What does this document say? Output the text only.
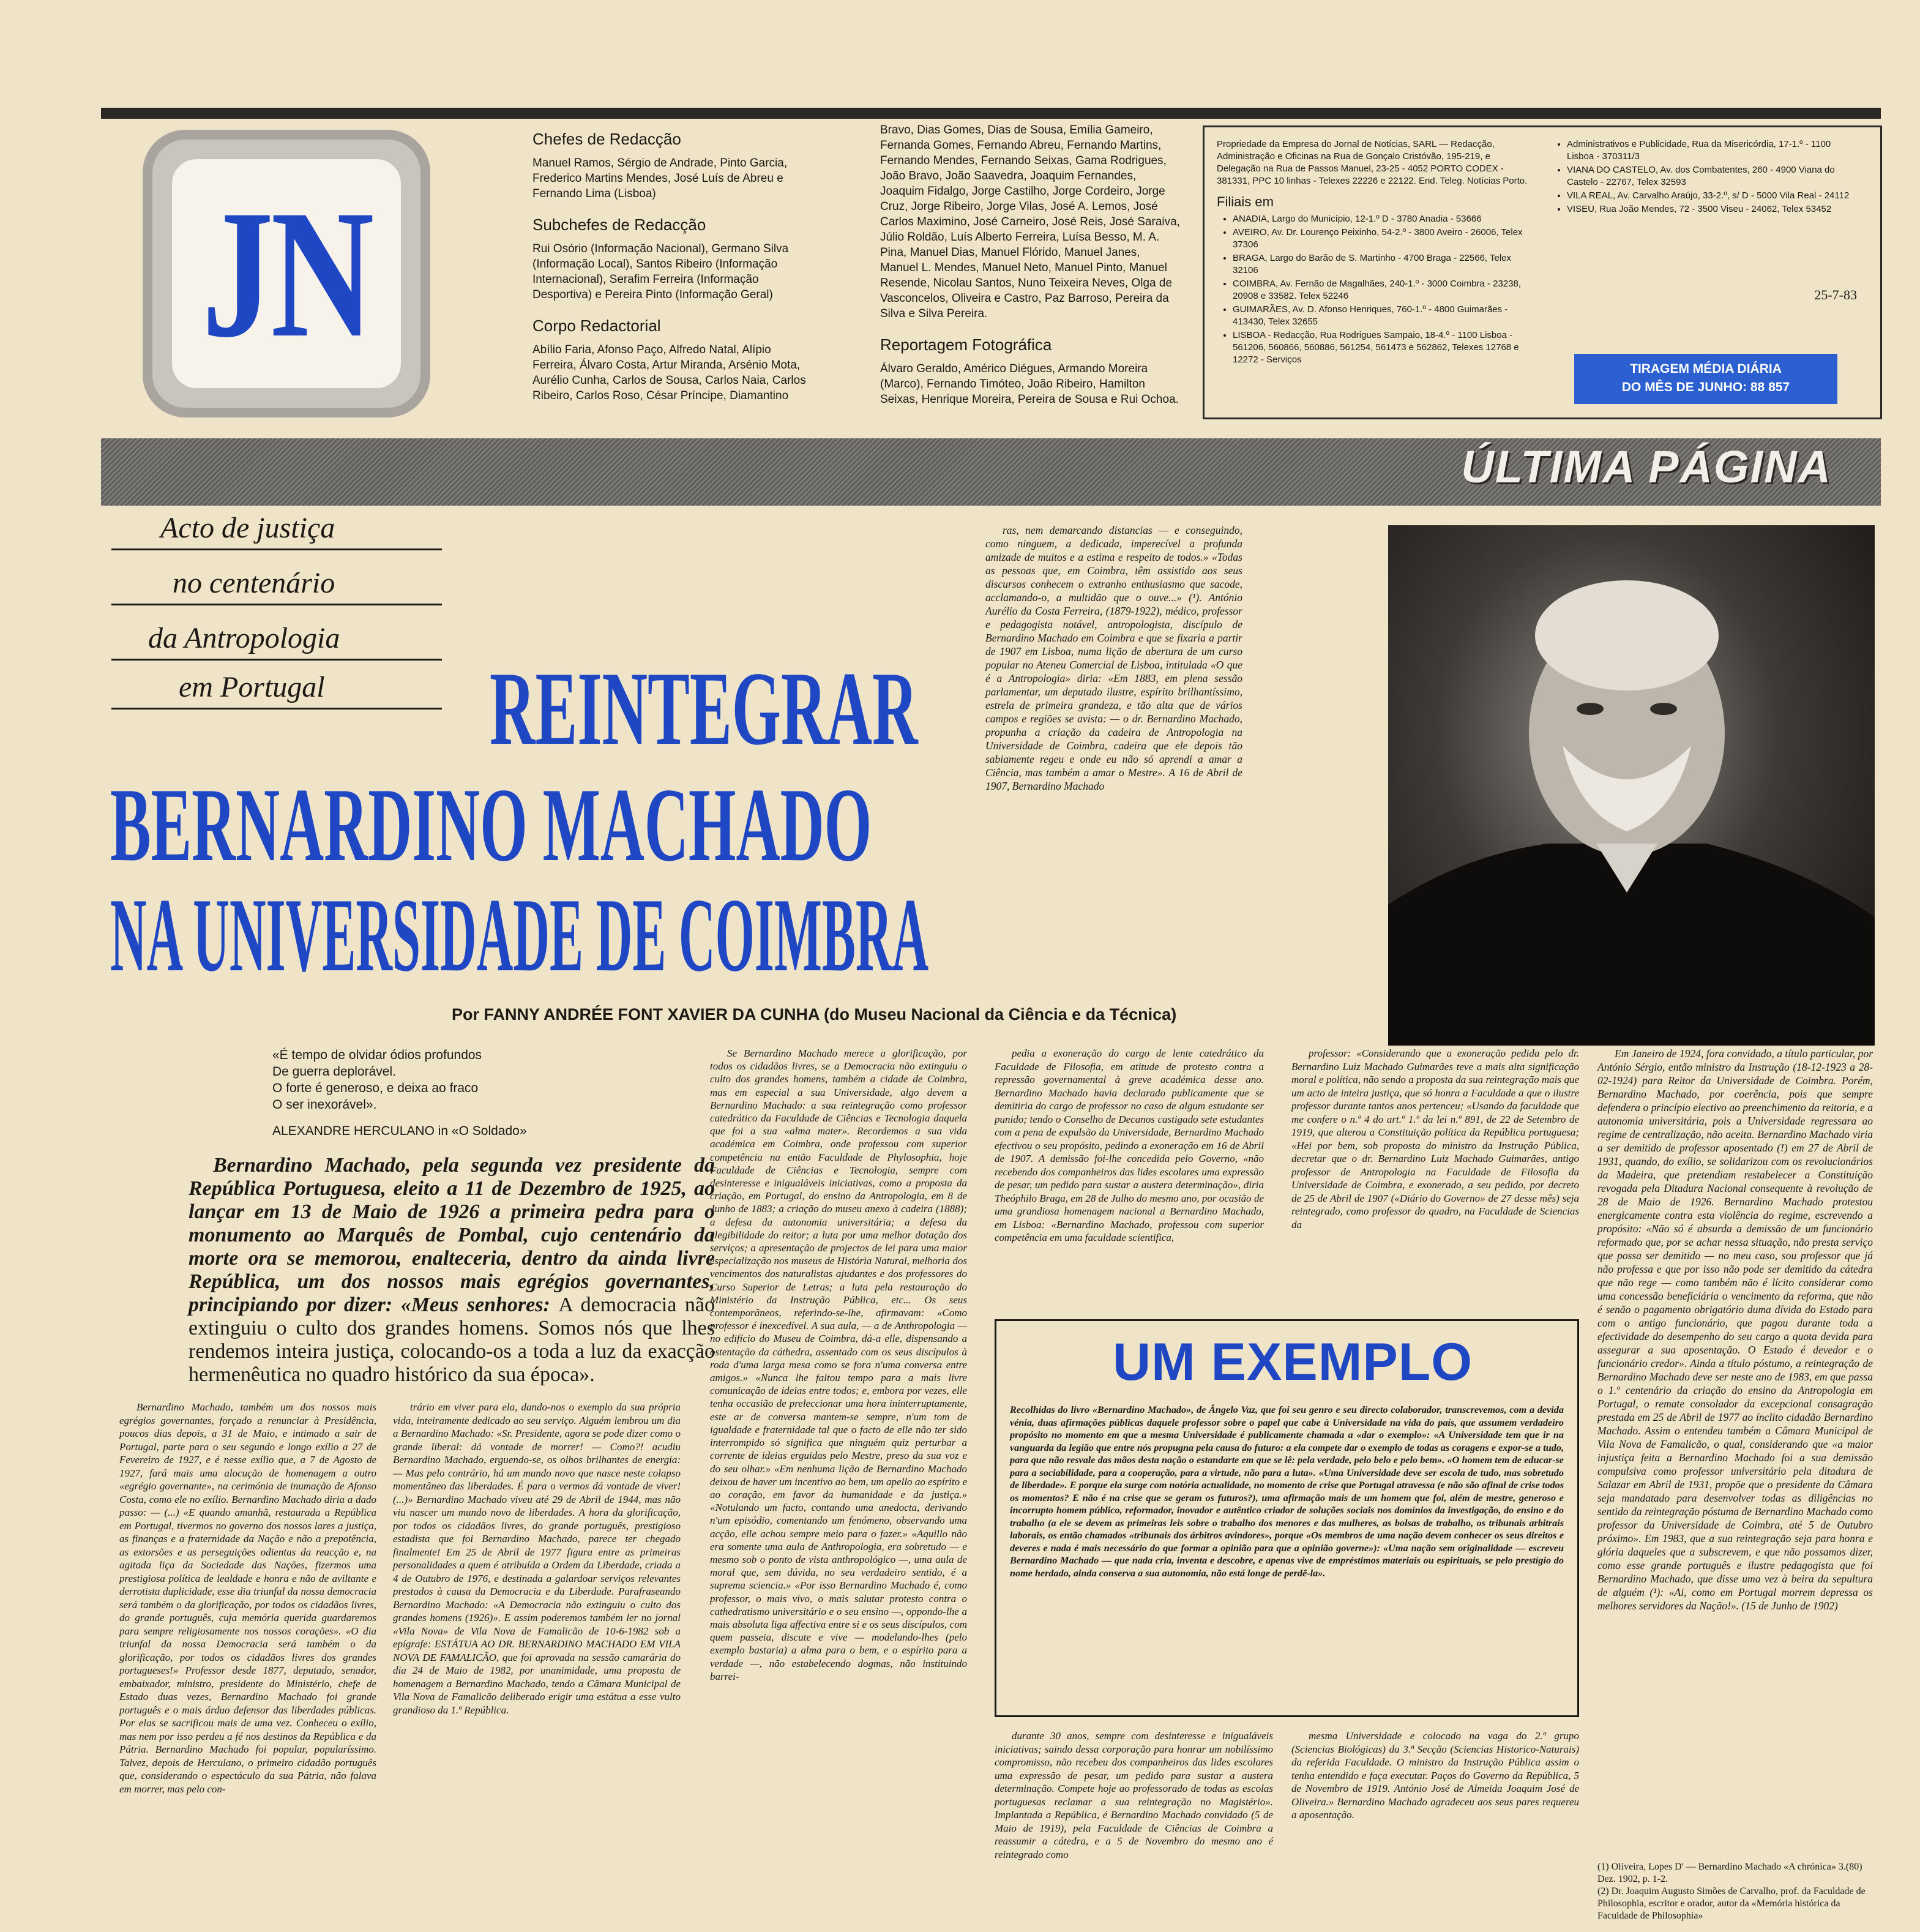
JN
Chefes de Redacção

Manuel Ramos, Sérgio de Andrade, Pinto Garcia, Frederico Martins Mendes, José Luís de Abreu e Fernando Lima (Lisboa)

Subchefes de Redacção

Rui Osório (Informação Nacional), Germano Silva (Informação Local), Santos Ribeiro (Informação Internacional), Serafim Ferreira (Informação Desportiva) e Pereira Pinto (Informação Geral)

Corpo Redactorial

Abílio Faria, Afonso Paço, Alfredo Natal, Alípio Ferreira, Álvaro Costa, Artur Miranda, Arsénio Mota, Aurélio Cunha, Carlos de Sousa, Carlos Naia, Carlos Ribeiro, Carlos Roso, César Príncipe, Diamantino

Bravo, Dias Gomes, Dias de Sousa, Emília Gameiro, Fernanda Gomes, Fernando Abreu, Fernando Martins, Fernando Mendes, Fernando Seixas, Gama Rodrigues, João Bravo, João Saavedra, Joaquim Fernandes, Joaquim Fidalgo, Jorge Castilho, Jorge Cordeiro, Jorge Cruz, Jorge Ribeiro, Jorge Vilas, José A. Lemos, José Carlos Maximino, José Carneiro, José Reis, José Saraiva, Júlio Roldão, Luís Alberto Ferreira, Luísa Besso, M. A. Pina, Manuel Dias, Manuel Flórido, Manuel Janes, Manuel L. Mendes, Manuel Neto, Manuel Pinto, Manuel Resende, Nicolau Santos, Nuno Teixeira Neves, Olga de Vasconcelos, Oliveira e Castro, Paz Barroso, Pereira da Silva e Silva Pereira.

Reportagem Fotográfica

Álvaro Geraldo, Américo Diégues, Armando Moreira (Marco), Fernando Timóteo, João Ribeiro, Hamilton Seixas, Henrique Moreira, Pereira de Sousa e Rui Ochoa.

Propriedade da Empresa do Jornal de Notícias, SARL — Redacção, Administração e Oficinas na Rua de Gonçalo Cristóvão, 195-219, e Delegação na Rua de Passos Manuel, 23-25 - 4052 PORTO CODEX - 381331, PPC 10 linhas - Telexes 22226 e 22122. End. Teleg. Notícias Porto.
Filiais em
• ANADIA, Largo do Município, 12-1.º D - 3780 Anadia - 53666
• AVEIRO, Av. Dr. Lourenço Peixinho, 54-2.º - 3800 Aveiro - 26006, Telex 37306
• BRAGA, Largo do Barão de S. Martinho - 4700 Braga - 22566, Telex 32106
• COIMBRA, Av. Fernão de Magalhães, 240-1.º - 3000 Coimbra - 23238, 20908 e 33582. Telex 52246
• GUIMARÃES, Av. D. Afonso Henriques, 760-1.º - 4800 Guimarães - 413430, Telex 32655
• LISBOA - Redacção, Rua Rodrigues Sampaio, 18-4.º - 1100 Lisboa - 561206, 560866, 560886, 561254, 561473 e 562862, Telexes 12768 e 12272 - Serviços
• Administrativos e Publicidade, Rua da Misericórdia, 17-1.º - 1100 Lisboa - 370311/3
• VIANA DO CASTELO, Av. dos Combatentes, 260 - 4900 Viana do Castelo - 22767, Telex 32593
• VILA REAL, Av. Carvalho Araújo, 33-2.º, s/ D - 5000 Vila Real - 24112
• VISEU, Rua João Mendes, 72 - 3500 Viseu - 24062, Telex 53452
25-7-83
TIRAGEM MÉDIA DIÁRIA
DO MÊS DE JUNHO: 88 857
ÚLTIMA PÁGINA
Acto de justiça
no centenário
da Antropologia
em Portugal	REINTEGRAR
BERNARDINO MACHADO
NA UNIVERSIDADE DE COIMBRA

ras, nem demarcando distancias — e conseguindo, como ninguem, a dedicada, imperecível a profunda amizade de muitos e a estima e respeito de todos.» «Todas as pessoas que, em Coimbra, têm assistido aos seus discursos conhecem o extranho enthusiasmo que sacode, acclamando-o, a multidão que o ouve...» (¹). António Aurélio da Costa Ferreira, (1879-1922), médico, professor e pedagogista notável, antropologista, discípulo de Bernardino Machado em Coimbra e que se fixaria a partir de 1907 em Lisboa, numa lição de abertura de um curso popular no Ateneu Comercial de Lisboa, intitulada «O que é a Antropologia» diria: «Em 1883, em plena sessão parlamentar, um deputado ilustre, espírito brilhantíssimo, estrela de primeira grandeza, e tão alta que de vários campos e regiões se avista: — o dr. Bernardino Machado, propunha a criação da cadeira de Antropologia na Universidade de Coimbra, cadeira que ele depois tão sabiamente regeu e onde eu não só aprendi a amar a Ciência, mas também a amar o Mestre». A 16 de Abril de 1907, Bernardino Machado

Por FANNY ANDRÉE FONT XAVIER DA CUNHA (do Museu Nacional da Ciência e da Técnica)
«É tempo de olvidar ódios profundos
De guerra deplorável.
O forte é generoso, e deixa ao fraco
O ser inexorável».
ALEXANDRE HERCULANO in «O Soldado»
Bernardino Machado, pela segunda vez presidente da República Portuguesa, eleito a 11 de Dezembro de 1925, ao lançar em 13 de Maio de 1926 a primeira pedra para o monumento ao Marquês de Pombal, cujo centenário da morte ora se memorou, enalteceria, dentro da ainda livre República, um dos nossos mais egrégios governantes, principiando por dizer: «Meus senhores: A democracia não extinguiu o culto dos grandes homens. Somos nós que lhes rendemos inteira justiça, colocando-os a toda a luz da exacção hermenêutica no quadro histórico da sua época».

Bernardino Machado, também um dos nossos mais egrégios governantes, forçado a renunciar à Presidência, poucos dias depois, a 31 de Maio, e intimado a sair de Portugal, parte para o seu segundo e longo exílio a 27 de Fevereiro de 1927, e é nesse exílio que, a 7 de Agosto de 1927, fará mais uma alocução de homenagem a outro «egrégio governante», na cerimónia de inumação de Afonso Costa, como ele no exílio. Bernardino Machado diria a dado passo: — (...) «E quando amanhã, restaurada a República em Portugal, tivermos no governo dos nossos lares a justiça, as finanças e a fraternidade da Nação e não a prepotência, as extorsões e as perseguições odientas da reacção e, na agitada liça da Sociedade das Nações, fizermos uma prestigiosa política de lealdade e honra e não de aviltante e derrotista duplicidade, esse dia triunfal da nossa democracia será também o da glorificação, por todos os cidadãos livres, do grande português, cuja memória querida guardaremos para sempre religiosamente nos nossos corações». «O dia triunfal da nossa Democracia será também o da glorificação, por todos os cidadãos livres dos grandes portugueses!» Professor desde 1877, deputado, senador, embaixador, ministro, presidente do Ministério, chefe de Estado duas vezes, Bernardino Machado foi grande português e o mais árduo defensor das liberdades públicas. Por elas se sacrificou mais de uma vez. Conheceu o exílio, mas nem por isso perdeu a fé nos destinos da República e da Pátria. Bernardino Machado foi popular, popularíssimo. Talvez, depois de Herculano, o primeiro cidadão português que, considerando o espectáculo da sua Pátria, não falava em morrer, mas pelo con-

trário em viver para ela, dando-nos o exemplo da sua própria vida, inteiramente dedicado ao seu serviço. Alguém lembrou um dia a Bernardino Machado: «Sr. Presidente, agora se pode dizer como o grande liberal: dá vontade de morrer! — Como?! acudiu Bernardino Machado, erguendo-se, os olhos brilhantes de energia: — Mas pelo contrário, há um mundo novo que nasce neste colapso momentâneo das liberdades. É para o vermos dá vontade de viver! (...)» Bernardino Machado viveu até 29 de Abril de 1944, mas não viu nascer um mundo novo de liberdades. A hora da glorificação, por todos os cidadãos livres, do grande português, prestigioso estadista que foi Bernardino Machado, parece ter chegado finalmente! Em 25 de Abril de 1977 figura entre as primeiras personalidades a quem é atribuída a Ordem da Liberdade, criada a 4 de Outubro de 1976, e destinada a galardoar serviços relevantes prestados à causa da Democracia e da Liberdade. Parafraseando Bernardino Machado: «A Democracia não extinguiu o culto dos grandes homens (1926)». E assim poderemos também ler no jornal «Vila Nova» de Vila Nova de Famalicão de 10-6-1982 sob a epígrafe: ESTÁTUA AO DR. BERNARDINO MACHADO EM VILA NOVA DE FAMALICÃO, que foi aprovada na sessão camarária do dia 24 de Maio de 1982, por unanimidade, uma proposta de homenagem a Bernardino Machado, tendo a Câmara Municipal de Vila Nova de Famalicão deliberado erigir uma estátua a esse vulto grandioso da 1.ª República.

Se Bernardino Machado merece a glorificação, por todos os cidadãos livres, se a Democracia não extinguiu o culto dos grandes homens, também a cidade de Coimbra, mas em especial a sua Universidade, algo devem a Bernardino Machado: a sua reintegração como professor catedrático da Faculdade de Ciências e Tecnologia daquela que foi a sua «alma mater». Recordemos a sua vida académica em Coimbra, onde professou com superior competência na então Faculdade de Phylosophia, hoje Faculdade de Ciências e Tecnologia, sempre com desinteresse e inigualáveis iniciativas, como a proposta da criação, em Portugal, do ensino da Antropologia, em 8 de Junho de 1883; a criação do museu anexo à cadeira (1888); a defesa da autonomia universitária; a defesa da elegibilidade do reitor; a luta por uma melhor dotação dos serviços; a apresentação de projectos de lei para uma maior especialização nos museus de História Natural, melhoria dos vencimentos dos naturalistas ajudantes e dos professores do Curso Superior de Letras; a luta pela restauração do Ministério da Instrução Pública, etc... Os seus contemporâneos, referindo-se-lhe, afirmavam: «Como professor é inexcedível. A sua aula, — a de Anthropologia — no edifício do Museu de Coimbra, dá-a elle, dispensando a ostentação da cáthedra, assentado com os seus discípulos à roda d'uma larga mesa como se fora n'uma conversa entre amigos.» «Nunca lhe faltou tempo para a mais livre comunicação de ideias entre todos; e, embora por vezes, elle tenha occasião de preleccionar uma hora ininterruptamente, este ar de conversa mantem-se sempre, n'um tom de igualdade e fraternidade tal que o facto de elle não ter sido interrompido só significa que ninguém quiz perturbar a corrente de ideias erguidas pelo Mestre, preso da sua voz e do seu olhar.» «Em nenhuma lição de Bernardino Machado deixou de haver um incentivo ao bem, um apello ao espírito e ao coração, em favor da humanidade e da justiça.» «Notulando um facto, contando uma anedocta, derivando n'um episódio, comentando um fenómeno, observando uma acção, elle achou sempre meio para o fazer.» «Aquillo não era somente uma aula de Anthropologia, era sobretudo — e mesmo sob o ponto de vista anthropológico —, uma aula de moral que, sem dúvida, no seu verdadeiro sentido, é a suprema sciencia.» «Por isso Bernardino Machado é, como professor, o mais vivo, o mais salutar protesto contra o cathedratismo universitário e o seu ensino —, oppondo-lhe a mais absoluta liga affectiva entre si e os seus discípulos, com quem passeia, discute e vive — modelando-lhes (pelo exemplo bastaria) a alma para o bem, e o espírito para a verdade —, não estabelecendo dogmas, não instituindo barrei-

pedia a exoneração do cargo de lente catedrático da Faculdade de Filosofia, em atitude de protesto contra a repressão governamental à greve académica desse ano. Bernardino Machado havia declarado publicamente que se demitiria do cargo de professor no caso de algum estudante ser punido; tendo o Conselho de Decanos castigado sete estudantes com a pena de expulsão da Universidade, Bernardino Machado efectivou o seu propósito, pedindo a exoneração em 16 de Abril de 1907. A demissão foi-lhe concedida pelo Governo, «não recebendo dos companheiros das lides escolares uma expressão de pesar, um pedido para sustar a austera determinação», diria Theóphilo Braga, em 28 de Julho do mesmo ano, por ocasião de uma grandiosa homenagem nacional a Bernardino Machado, em Lisboa: «Bernardino Machado, professou com superior competência em uma faculdade scientifica,

professor: «Considerando que a exoneração pedida pelo dr. Bernardino Luiz Machado Guimarães teve a mais alta significação moral e política, não sendo a proposta da sua reintegração mais que um acto de inteira justiça, que só honra a Faculdade a que o ilustre professor durante tantos anos pertenceu; «Usando da faculdade que me confere o n.º 4 do art.º 1.º da lei n.º 891, de 22 de Setembro de 1919, que alterou a Constituição política da República portuguesa; «Hei por bem, sob proposta do ministro da Instrução Pública, decretar que o dr. Bernardino Luiz Machado Guimarães, antigo professor de Antropologia na Faculdade de Filosofia da Universidade de Coimbra, e exonerado, a seu pedido, por decreto de 25 de Abril de 1907 («Diário do Governo» de 27 desse mês) seja reintegrado, como professor do quadro, na Faculdade de Sciencias da

UM EXEMPLO
Recolhidas do livro «Bernardino Machado», de Ângelo Vaz, que foi seu genro e seu directo colaborador, transcrevemos, com a devida vénia, duas afirmações públicas daquele professor sobre o papel que cabe à Universidade na vida do país, que assumem verdadeiro propósito no momento em que a mesma Universidade é publicamente chamada a «dar o exemplo»: «A Universidade tem que ir na vanguarda da legião que entre nós propugna pela causa do futuro: a ela compete dar o exemplo de todas as coragens e expor-se a tudo, para que não resvale das mãos desta nação o estandarte em que se lê: pela verdade, pelo belo e pelo bem». «O homem tem de educar-se para a sociabilidade, para a cooperação, para a virtude, não para a luta». «Uma Universidade deve ser escola de tudo, mas sobretudo de liberdade». E porque ela surge com notória actualidade, no momento de crise que Portugal atravessa (e não são afinal de crise todos os momentos? E não é na crise que se geram os futuros?), uma afirmação mais de um homem que foi, além de mestre, generoso e incorrupto homem público, reformador, inovador e autêntico criador de soluções sociais nos domínios da investigação, do ensino e do trabalho (a ele se devem as primeiras leis sobre o trabalho dos menores e das mulheres, as bolsas de trabalho, os tribunais arbitrais laborais, os então chamados «tribunais dos árbitros avindores», porque «Os membros de uma nação devem conhecer os seus direitos e deveres e nada é mais necessário do que formar a opinião para que a opinião governe»): «Uma nação sem originalidade — escreveu Bernardino Machado — que nada cria, inventa e descobre, e apenas vive de empréstimos materiais ou espirituais, se pelo prestígio do nome herdado, ainda conserva a sua autonomia, não está longe de perdê-la».

durante 30 anos, sempre com desinteresse e inigualáveis iniciativas; saindo dessa corporação para honrar um nobilíssimo compromisso, não recebeu dos companheiros das lides escolares uma expressão de pesar, um pedido para sustar a austera determinação. Compete hoje ao professorado de todas as escolas portuguesas reclamar a sua reintegração no Magistério». Implantada a República, é Bernardino Machado convidado (5 de Maio de 1919), pela Faculdade de Ciências de Coimbra a reassumir a cátedra, e a 5 de Novembro do mesmo ano é reintegrado como

mesma Universidade e colocado na vaga do 2.º grupo (Sciencias Biológicas) da 3.ª Secção (Sciencias Historico-Naturais) da referida Faculdade. O ministro da Instrução Pública assim o tenha entendido e faça executar. Paços do Governo da República, 5 de Novembro de 1919. António José de Almeida Joaquim José de Oliveira.» Bernardino Machado agradeceu aos seus pares requereu a aposentação.

Em Janeiro de 1924, fora convidado, a título particular, por António Sérgio, então ministro da Instrução (18-12-1923 a 28-02-1924) para Reitor da Universidade de Coimbra. Porém, Bernardino Machado, por coerência, pois que sempre defendera o princípio electivo ao preenchimento da reitoria, e a autonomia universitária, pois a Universidade regressara ao regime de centralização, não aceita. Bernardino Machado viria a ser demitido de professor aposentado (!) em 27 de Abril de 1931, quando, do exílio, se solidarizou com os revolucionários da Madeira, que pretendiam restabelecer a Constituição revogada pela Ditadura Nacional consequente à revolução de 28 de Maio de 1926. Bernardino Machado protestou energicamente contra esta violência do regime, escrevendo a propósito: «Não só é absurda a demissão de um funcionário reformado que, por se achar nessa situação, não presta serviço que possa ser demitido — no meu caso, sou professor que já não professa e que por isso não pode ser demitido da cátedra que não rege — como também não é lícito considerar como uma concessão beneficiária o vencimento da reforma, que não é senão o pagamento obrigatório duma dívida do Estado para com o antigo funcionário, que pagou durante toda a efectividade do desempenho do seu cargo a quota devida para assegurar a sua aposentação. O Estado é devedor e o funcionário credor». Ainda a título póstumo, a reintegração de Bernardino Machado deve ser neste ano de 1983, em que passa o 1.º centenário da criação do ensino da Antropologia em Portugal, o remate consolador da excepcional consagração prestada em 25 de Abril de 1977 ao ínclito cidadão Bernardino Machado. Assim o entendeu também a Câmara Municipal de Vila Nova de Famalicão, o qual, considerando que «a maior injustiça feita a Bernardino Machado foi a sua demissão compulsiva como professor universitário pela ditadura de Salazar em Abril de 1931, propõe que o presidente da Câmara seja mandatado para desenvolver todas as diligências no sentido da reintegração póstuma de Bernardino Machado como professor da Universidade de Coimbra, até 5 de Outubro próximo». Em 1983, que a sua reintegração seja para honra e glória daqueles que a subscrevem, e que não possamos dizer, como esse grande português e ilustre pedagogista que foi Bernardino Machado, que disse uma vez à beira da sepultura de alguém (¹): «Ai, como em Portugal morrem depressa os melhores servidores da Nação!». (15 de Junho de 1902)

(1) Oliveira, Lopes D' — Bernardino Machado «A chrónica» 3.(80) Dez. 1902, p. 1-2.
(2) Dr. Joaquim Augusto Simões de Carvalho, prof. da Faculdade de Philosophia, escritor e orador, autor da «Memória histórica da Faculdade de Philosophia»
